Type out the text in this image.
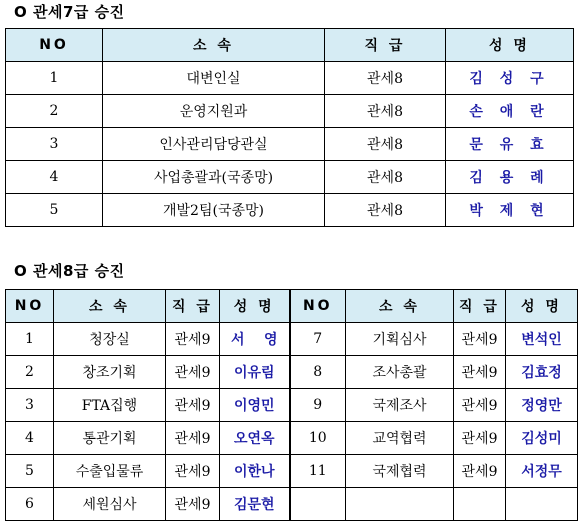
O 관세7급 승진
NO	소 속	직 급	성 명
1	대변인실	관세8	김 성 구
2	운영지원과	관세8	손 애 란
3	인사관리담당관실	관세8	문 유 효
4	사업총괄과(국종망)	관세8	김 용 례
5	개발2팀(국종망)	관세8	박 제 현
O 관세8급 승진
NO	소 속	직 급	성 명	NO	소 속	직 급	성 명
1	청장실	관세9	서    영	7	기획심사	관세9	변석인
2	창조기획	관세9	이유림	8	조사총괄	관세9	김효정
3	FTA집행	관세9	이영민	9	국제조사	관세9	정영만
4	통관기획	관세9	오연옥	10	교역협력	관세9	김성미
5	수출입물류	관세9	이한나	11	국제협력	관세9	서정무
6	세원심사	관세9	김문현				
